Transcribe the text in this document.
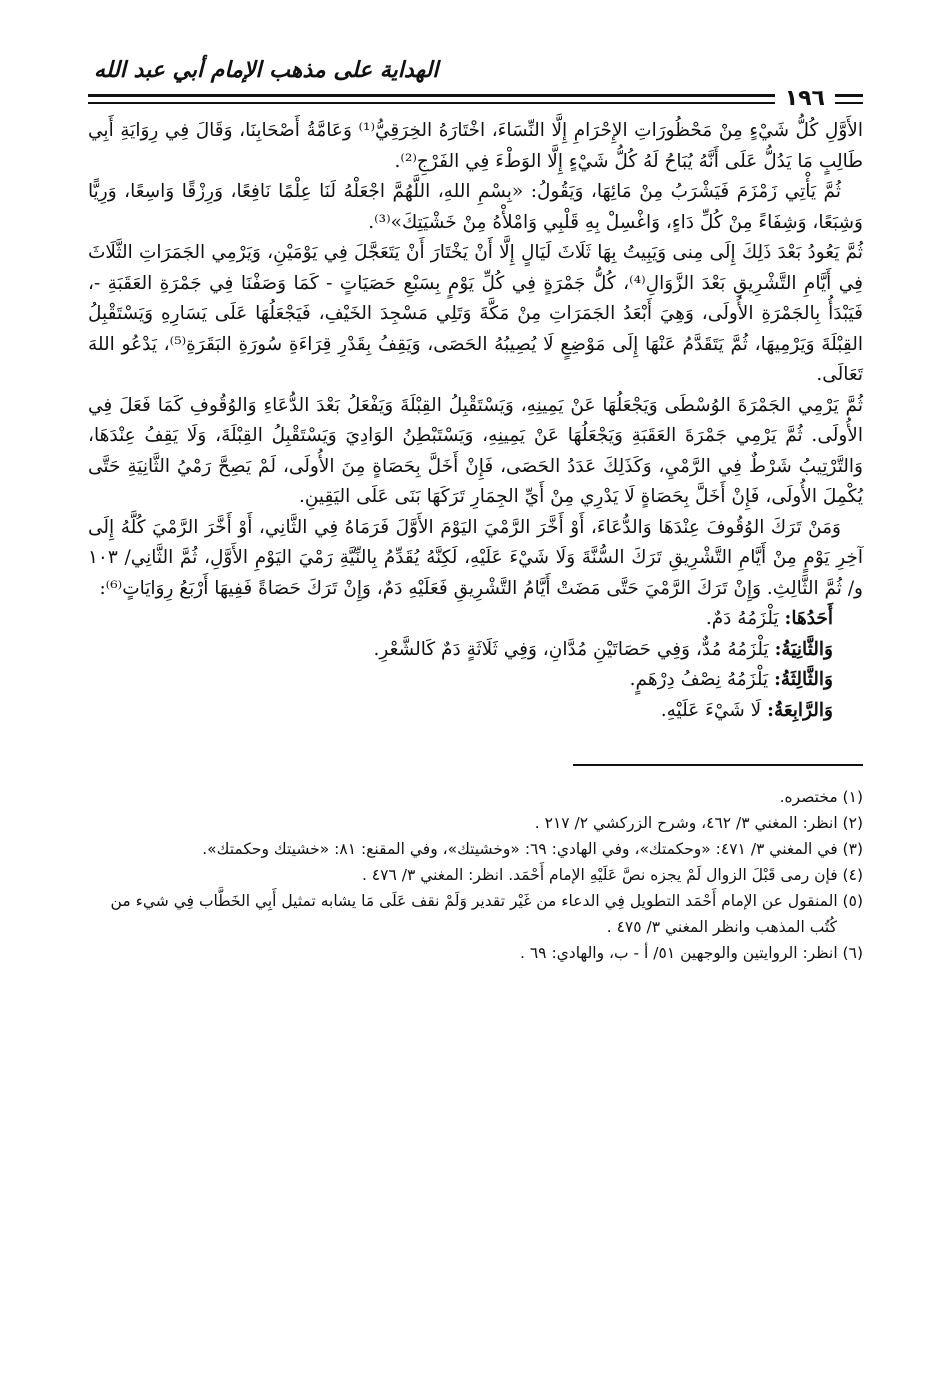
الهداية على مذهب الإمام أبي عبد الله
١٩٦

الأَوَّلِ كُلُّ شَيْءٍ مِنْ مَحْظُورَاتِ الإِحْرَامِ إِلَّا النِّسَاءَ، اخْتَارَهُ الخِرَقِيُّ⁽¹⁾ وَعَامَّةُ أَصْحَابِنَا، وَقَالَ فِي رِوَايَةِ أَبِي طَالِبٍ مَا يَدُلُّ عَلَى أَنَّهُ يُبَاحُ لَهُ كُلُّ شَيْءٍ إِلَّا الوَطْءَ فِي الفَرْجِ⁽²⁾.

ثُمَّ يَأْتِي زَمْزَمَ فَيَشْرَبُ مِنْ مَائِهَا، وَيَقُولُ: «بِسْمِ اللهِ، اللَّهُمَّ اجْعَلْهُ لَنَا عِلْمًا نَافِعًا، وَرِزْقًا وَاسِعًا، وَرِيًّا وَشِبَعًا، وَشِفَاءً مِنْ كُلِّ دَاءٍ، وَاغْسِلْ بِهِ قَلْبِي وَامْلأْهُ مِنْ خَشْيَتِكَ»⁽³⁾.

ثُمَّ يَعُودُ بَعْدَ ذَلِكَ إِلَى مِنى وَيَبِيتُ بِهَا ثَلَاثَ لَيَالٍ إِلَّا أَنْ يَخْتَارَ أَنْ يَتَعَجَّلَ فِي يَوْمَيْنِ، وَيَرْمِي الجَمَرَاتِ الثَّلَاثَ فِي أَيَّامِ التَّشْرِيقِ بَعْدَ الزَّوَالِ⁽⁴⁾، كُلُّ جَمْرَةٍ فِي كُلِّ يَوْمٍ بِسَبْعِ حَصَيَاتٍ - كَمَا وَصَفْنَا فِي جَمْرَةِ العَقَبَةِ -، فَيَبْدَأُ بِالجَمْرَةِ الأُولَى، وَهِيَ أَبْعَدُ الجَمَرَاتِ مِنْ مَكَّةَ وَتَلِي مَسْجِدَ الخَيْفِ، فَيَجْعَلُهَا عَلَى يَسَارِهِ وَيَسْتَقْبِلُ القِبْلَةَ وَيَرْمِيهَا، ثُمَّ يَتَقَدَّمُ عَنْهَا إِلَى مَوْضِعٍ لَا يُصِيبُهُ الحَصَى، وَيَقِفُ بِقَدْرِ قِرَاءَةِ سُورَةِ البَقَرَةِ⁽⁵⁾، يَدْعُو اللهَ تَعَالَى.

ثُمَّ يَرْمِي الجَمْرَةَ الوُسْطَى وَيَجْعَلُهَا عَنْ يَمِينِهِ، وَيَسْتَقْبِلُ القِبْلَةَ وَيَفْعَلُ بَعْدَ الدُّعَاءِ وَالوُقُوفِ كَمَا فَعَلَ فِي الأُولَى. ثُمَّ يَرْمِي جَمْرَةَ العَقَبَةِ وَيَجْعَلُهَا عَنْ يَمِينِهِ، وَيَسْتَبْطِنُ الوَادِيَ وَيَسْتَقْبِلُ القِبْلَةَ، وَلَا يَقِفُ عِنْدَهَا، وَالتَّرْتِيبُ شَرْطٌ فِي الرَّمْيِ، وَكَذَلِكَ عَدَدُ الحَصَى، فَإِنْ أَخَلَّ بِحَصَاةٍ مِنَ الأُولَى، لَمْ يَصِحَّ رَمْيُ الثَّانِيَةِ حَتَّى يُكْمِلَ الأُولَى، فَإِنْ أَخَلَّ بِحَصَاةٍ لَا يَدْرِي مِنْ أَيِّ الجِمَارِ تَرَكَهَا بَنَى عَلَى اليَقِينِ.

وَمَنْ تَرَكَ الوُقُوفَ عِنْدَهَا وَالدُّعَاءَ، أَوْ أَخَّرَ الرَّمْيَ اليَوْمَ الأَوَّلَ فَرَمَاهُ فِي الثَّانِي، أَوْ أَخَّرَ الرَّمْيَ كُلَّهُ إِلَى آخِرِ يَوْمٍ مِنْ أَيَّامِ التَّشْرِيقِ تَرَكَ السُّنَّةَ وَلَا شَيْءَ عَلَيْهِ، لَكِنَّهُ يُقَدِّمُ بِالنِّيَّةِ رَمْيَ اليَوْمِ الأَوَّلِ، ثُمَّ الثَّانِي/ ١٠٣ و/ ثُمَّ الثَّالِثِ. وَإِنْ تَرَكَ الرَّمْيَ حَتَّى مَضَتْ أَيَّامُ التَّشْرِيقِ فَعَلَيْهِ دَمٌ، وَإِنْ تَرَكَ حَصَاةً فَفِيهَا أَرْبَعُ رِوَايَاتٍ⁽⁶⁾:

أَحَدُهَا: يَلْزَمُهُ دَمٌ.
وَالثَّانِيَةُ: يَلْزَمُهُ مُدٌّ، وَفِي حَصَاتَيْنِ مُدَّانِ، وَفِي ثَلَاثَةٍ دَمٌ كَالشَّعْرِ.
وَالثَّالِثَةُ: يَلْزَمُهُ نِصْفُ دِرْهَمٍ.
وَالرَّابِعَةُ: لَا شَيْءَ عَلَيْهِ.

(١) مختصره.

(٢) انظر: المغني ٣/ ٤٦٢، وشرح الزركشي ٢/ ٢١٧ .

(٣) في المغني ٣/ ٤٧١: «وحكمتك»، وفي الهادي: ٦٩: «وخشيتك»، وفي المقنع: ٨١: «خشيتك وحكمتك».

(٤) فإن رمى قَبْلَ الزوال لَمْ يجزه نصَّ عَلَيْهِ الإمام أَحْمَد. انظر: المغني ٣/ ٤٧٦ .

(٥) المنقول عن الإمام أَحْمَد التطويل فِي الدعاء من غَيْر تقدير وَلَمْ نقف عَلَى مَا يشابه تمثيل أَبِي الخَطَّاب فِي شيء من كُتُب المذهب وانظر المغني ٣/ ٤٧٥ .

(٦) انظر: الروايتين والوجهين ٥١/ أ - ب، والهادي: ٦٩ .
